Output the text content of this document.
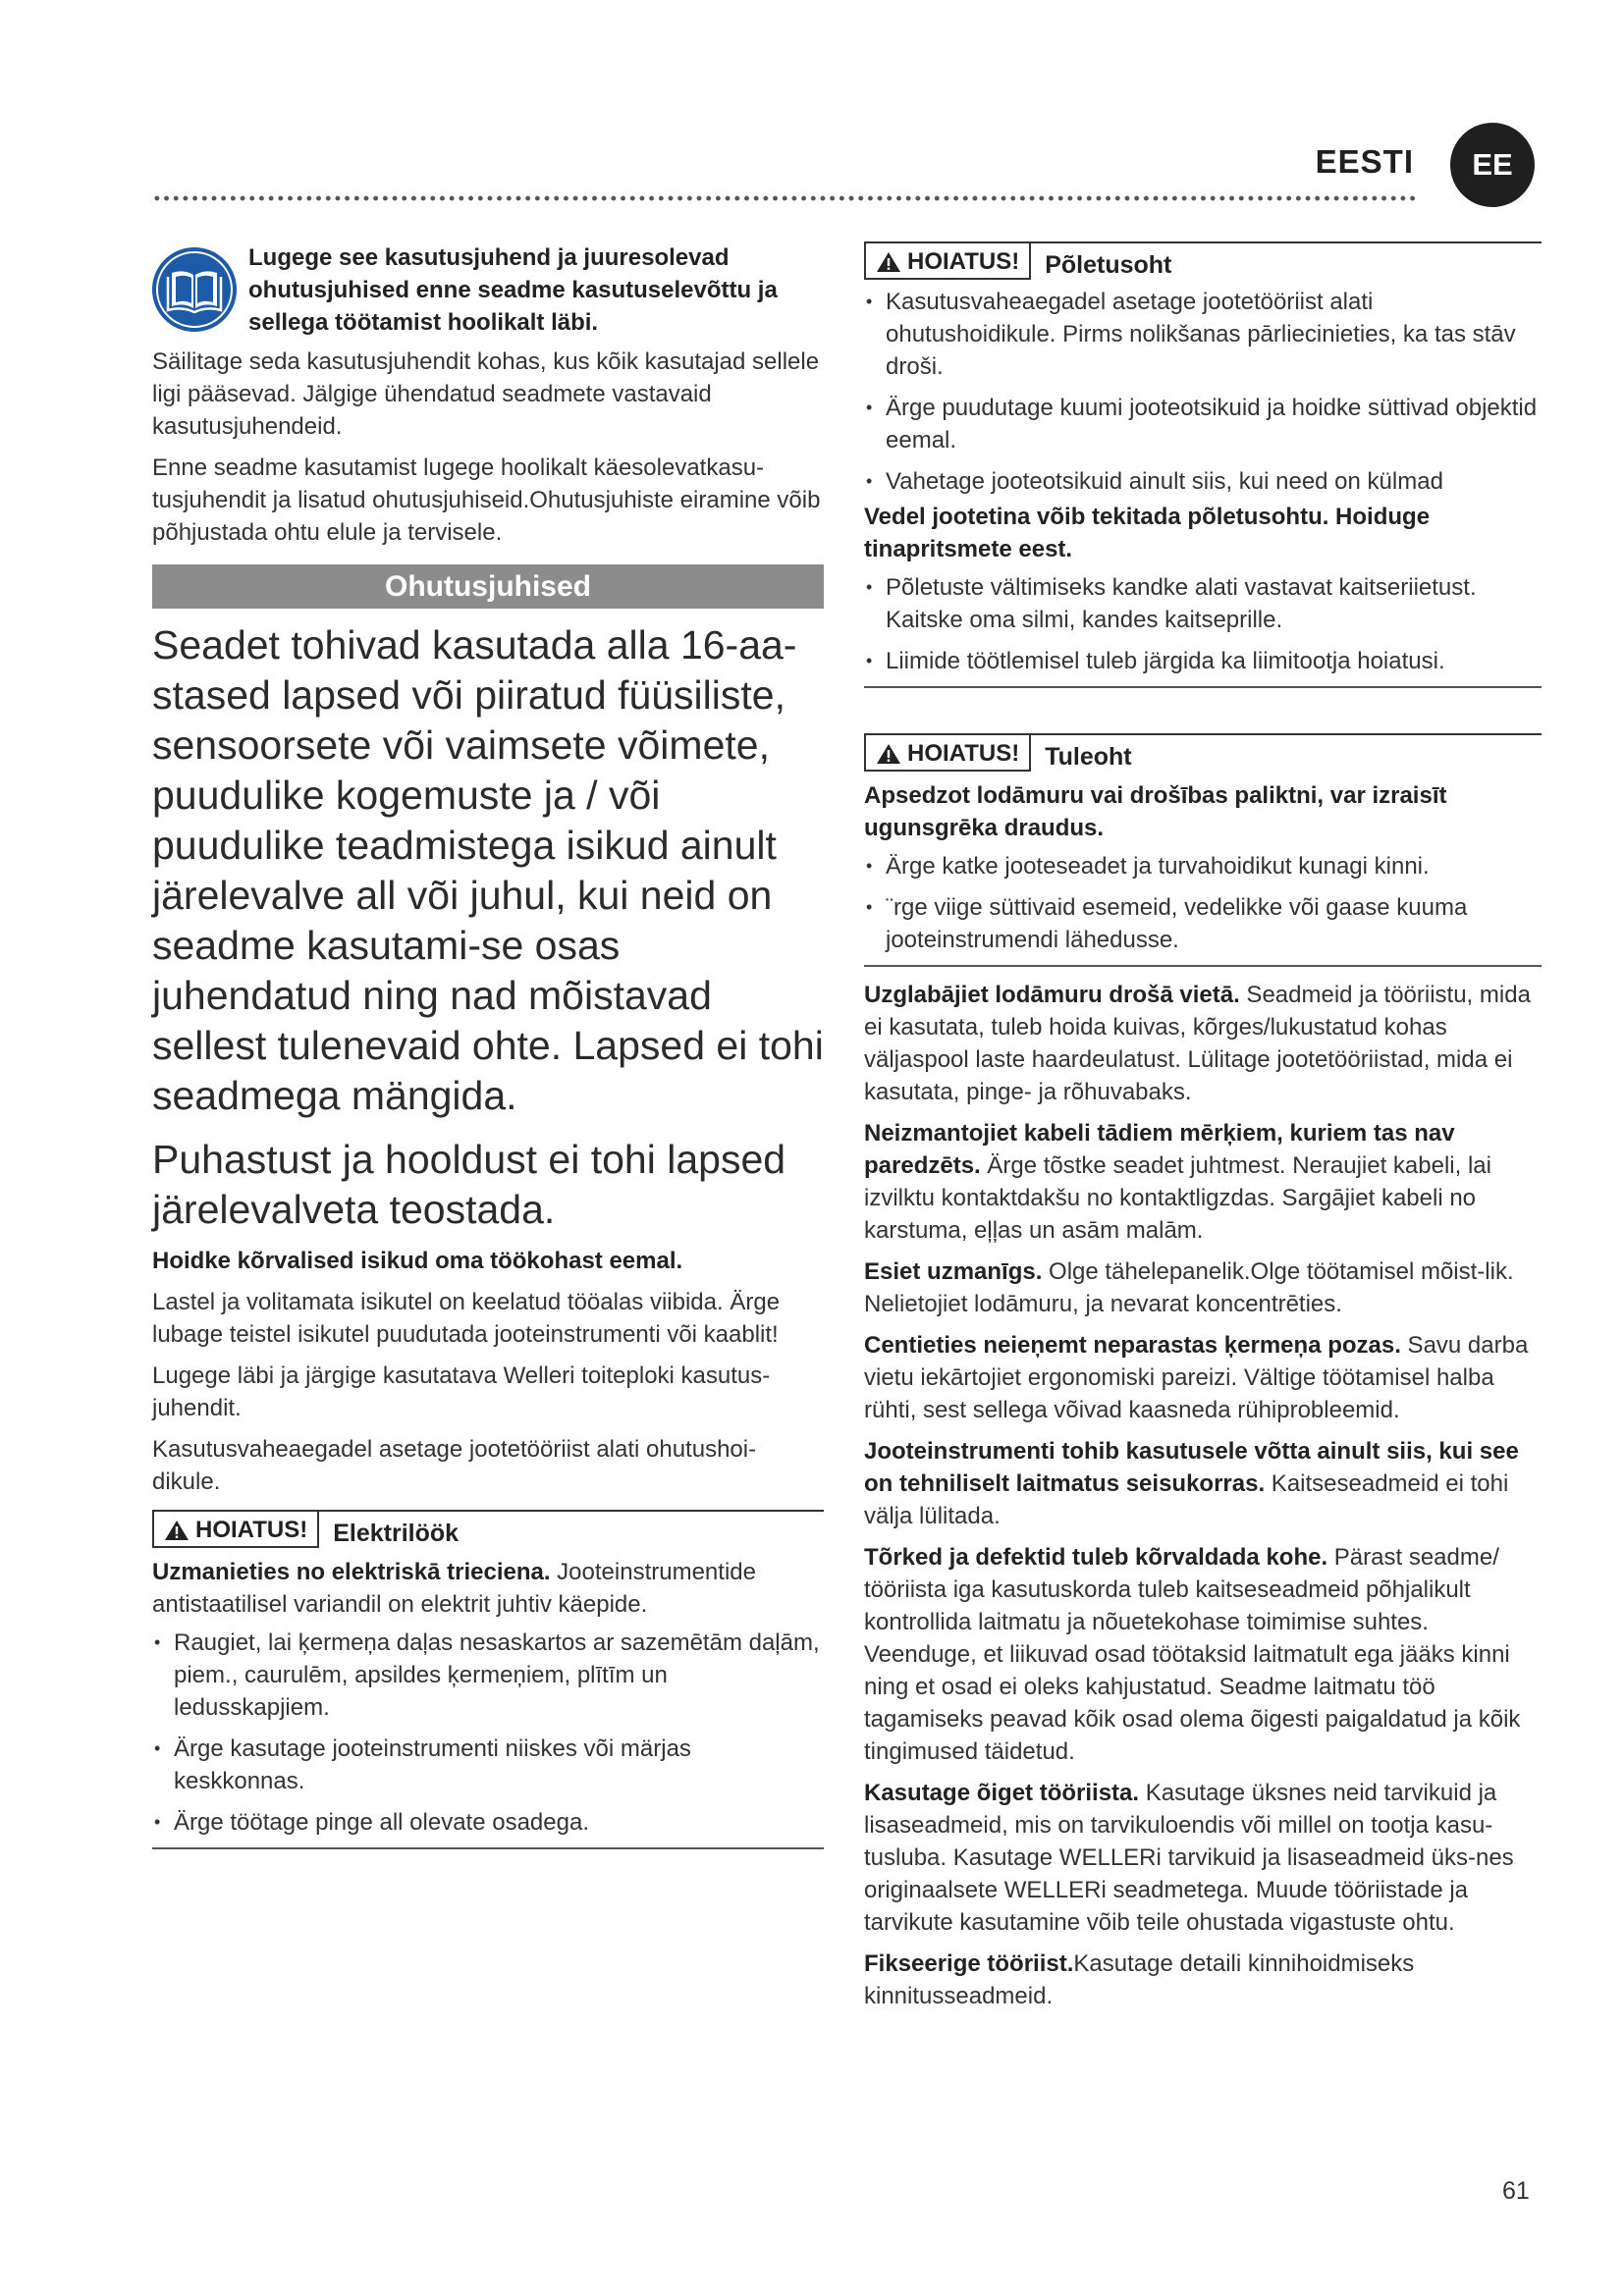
EESTI	EE

Lugege see kasutusjuhend ja juuresolevad ohutusjuhised enne seadme kasutuselevõttu ja sellega töötamist hoolikalt läbi.

Säilitage seda kasutusjuhendit kohas, kus kõik kasutajad sellele ligi pääsevad. Jälgige ühendatud seadmete vastavaid kasutusjuhendeid.

Enne seadme kasutamist lugege hoolikalt käesolevatkasu-tusjuhendit ja lisatud ohutusjuhiseid.Ohutusjuhiste eiramine võib põhjustada ohtu elule ja tervisele.

Ohutusjuhised

Seadet tohivad kasutada alla 16-aa-stased lapsed või piiratud füüsiliste, sensoorsete või vaimsete võimete, puudulike kogemuste ja / või puudulike teadmistega isikud ainult järelevalve all või juhul, kui neid on seadme kasutami-se osas juhendatud ning nad mõistavad sellest tulenevaid ohte. Lapsed ei tohi seadmega mängida.

Puhastust ja hooldust ei tohi lapsed järelevalveta teostada.

Hoidke kõrvalised isikud oma töökohast eemal.

Lastel ja volitamata isikutel on keelatud tööalas viibida. Ärge lubage teistel isikutel puudutada jooteinstrumenti või kaablit!

Lugege läbi ja järgige kasutatava Welleri toiteploki kasutus-juhendit.

Kasutusvaheaegadel asetage jootetööriist alati ohutushoi-dikule.

HOIATUS!	Elektrilöök

Uzmanieties no elektriskā trieciena. Jooteinstrumentide antistaatilisel variandil on elektrit juhtiv käepide.

• Raugiet, lai ķermeņa daļas nesaskartos ar sazemētām daļām, piem., caurulēm, apsildes ķermeņiem, plītīm un ledusskapjiem.
• Ärge kasutage jooteinstrumenti niiskes või märjas keskkonnas.
• Ärge töötage pinge all olevate osadega.
HOIATUS!	Põletusoht
• Kasutusvaheaegadel asetage jootetööriist alati ohutushoidikule. Pirms nolikšanas pārliecinieties, ka tas stāv droši.
• Ärge puudutage kuumi jooteotsikuid ja hoidke süttivad objektid eemal.
• Vahetage jooteotsikuid ainult siis, kui need on külmad

Vedel jootetina võib tekitada põletusohtu. Hoiduge tinapritsmete eest.

• Põletuste vältimiseks kandke alati vastavat kaitseriietust. Kaitske oma silmi, kandes kaitseprille.
• Liimide töötlemisel tuleb järgida ka liimitootja hoiatusi.
HOIATUS!	Tuleoht

Apsedzot lodāmuru vai drošības paliktni, var izraisīt ugunsgrēka draudus.

• Ärge katke jooteseadet ja turvahoidikut kunagi kinni.
• ¨rge viige süttivaid esemeid, vedelikke või gaase kuuma jooteinstrumendi lähedusse.

Uzglabājiet lodāmuru drošā vietā. Seadmeid ja tööriistu, mida ei kasutata, tuleb hoida kuivas, kõrges/lukustatud kohas väljaspool laste haardeulatust. Lülitage jootetööriistad, mida ei kasutata, pinge- ja rõhuvabaks.

Neizmantojiet kabeli tādiem mērķiem, kuriem tas nav paredzēts. Ärge tõstke seadet juhtmest. Neraujiet kabeli, lai izvilktu kontaktdakšu no kontaktligzdas. Sargājiet kabeli no karstuma, eļļas un asām malām.

Esiet uzmanīgs. Olge tähelepanelik.Olge töötamisel mõist-lik. Nelietojiet lodāmuru, ja nevarat koncentrēties.

Centieties neieņemt neparastas ķermeņa pozas. Savu darba vietu iekārtojiet ergonomiski pareizi. Vältige töötamisel halba rühti, sest sellega võivad kaasneda rühiprobleemid.

Jooteinstrumenti tohib kasutusele võtta ainult siis, kui see on tehniliselt laitmatus seisukorras. Kaitseseadmeid ei tohi välja lülitada.

Tõrked ja defektid tuleb kõrvaldada kohe. Pärast seadme/ tööriista iga kasutuskorda tuleb kaitseseadmeid põhjalikult kontrollida laitmatu ja nõuetekohase toimimise suhtes. Veenduge, et liikuvad osad töötaksid laitmatult ega jääks kinni ning et osad ei oleks kahjustatud. Seadme laitmatu töö tagamiseks peavad kõik osad olema õigesti paigaldatud ja kõik tingimused täidetud.

Kasutage õiget tööriista. Kasutage üksnes neid tarvikuid ja lisaseadmeid, mis on tarvikuloendis või millel on tootja kasu-tusluba. Kasutage WELLERi tarvikuid ja lisaseadmeid üks-nes originaalsete WELLERi seadmetega. Muude tööriistade ja tarvikute kasutamine võib teile ohustada vigastuste ohtu.

Fikseerige tööriist.Kasutage detaili kinnihoidmiseks kinnitusseadmeid.

61
